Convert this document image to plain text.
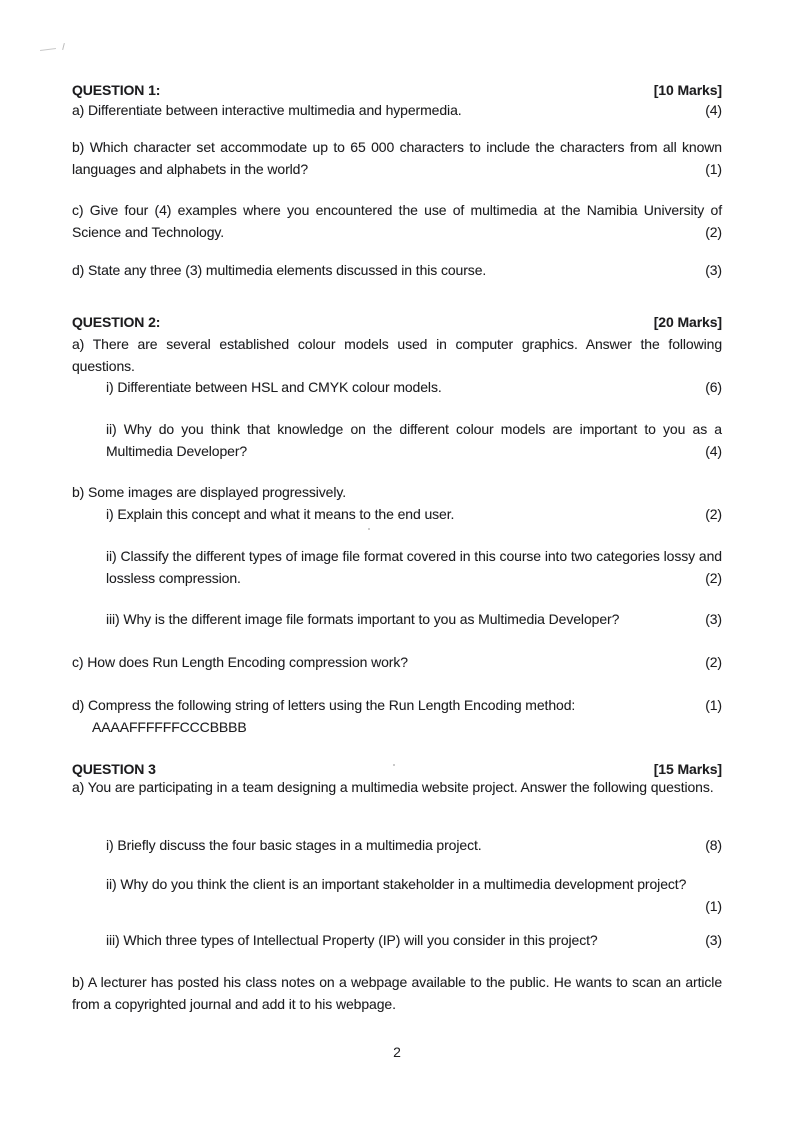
QUESTION 1:	[10 Marks]
a) Differentiate between interactive multimedia and hypermedia.	(4)
b) Which character set accommodate up to 65 000 characters to include the characters from all known languages and alphabets in the world?	(1)
c) Give four (4) examples where you encountered the use of multimedia at the Namibia University of Science and Technology.	(2)
d) State any three (3) multimedia elements discussed in this course.	(3)
QUESTION 2:	[20 Marks]
a) There are several established colour models used in computer graphics. Answer the following questions.
i) Differentiate between HSL and CMYK colour models.	(6)
ii) Why do you think that knowledge on the different colour models are important to you as a Multimedia Developer?	(4)
b) Some images are displayed progressively.
i) Explain this concept and what it means to the end user.	(2)
ii) Classify the different types of image file format covered in this course into two categories lossy and lossless compression.	(2)
iii) Why is the different image file formats important to you as Multimedia Developer?	(3)
c) How does Run Length Encoding compression work?	(2)
d) Compress the following string of letters using the Run Length Encoding method:	(1)
AAAAFFFFFFCCCBBBB
QUESTION 3	[15 Marks]
a) You are participating in a team designing a multimedia website project. Answer the following questions.
i) Briefly discuss the four basic stages in a multimedia project.	(8)
ii) Why do you think the client is an important stakeholder in a multimedia development project?
(1)
iii) Which three types of Intellectual Property (IP) will you consider in this project?	(3)
b) A lecturer has posted his class notes on a webpage available to the public. He wants to scan an article from a copyrighted journal and add it to his webpage.
2
